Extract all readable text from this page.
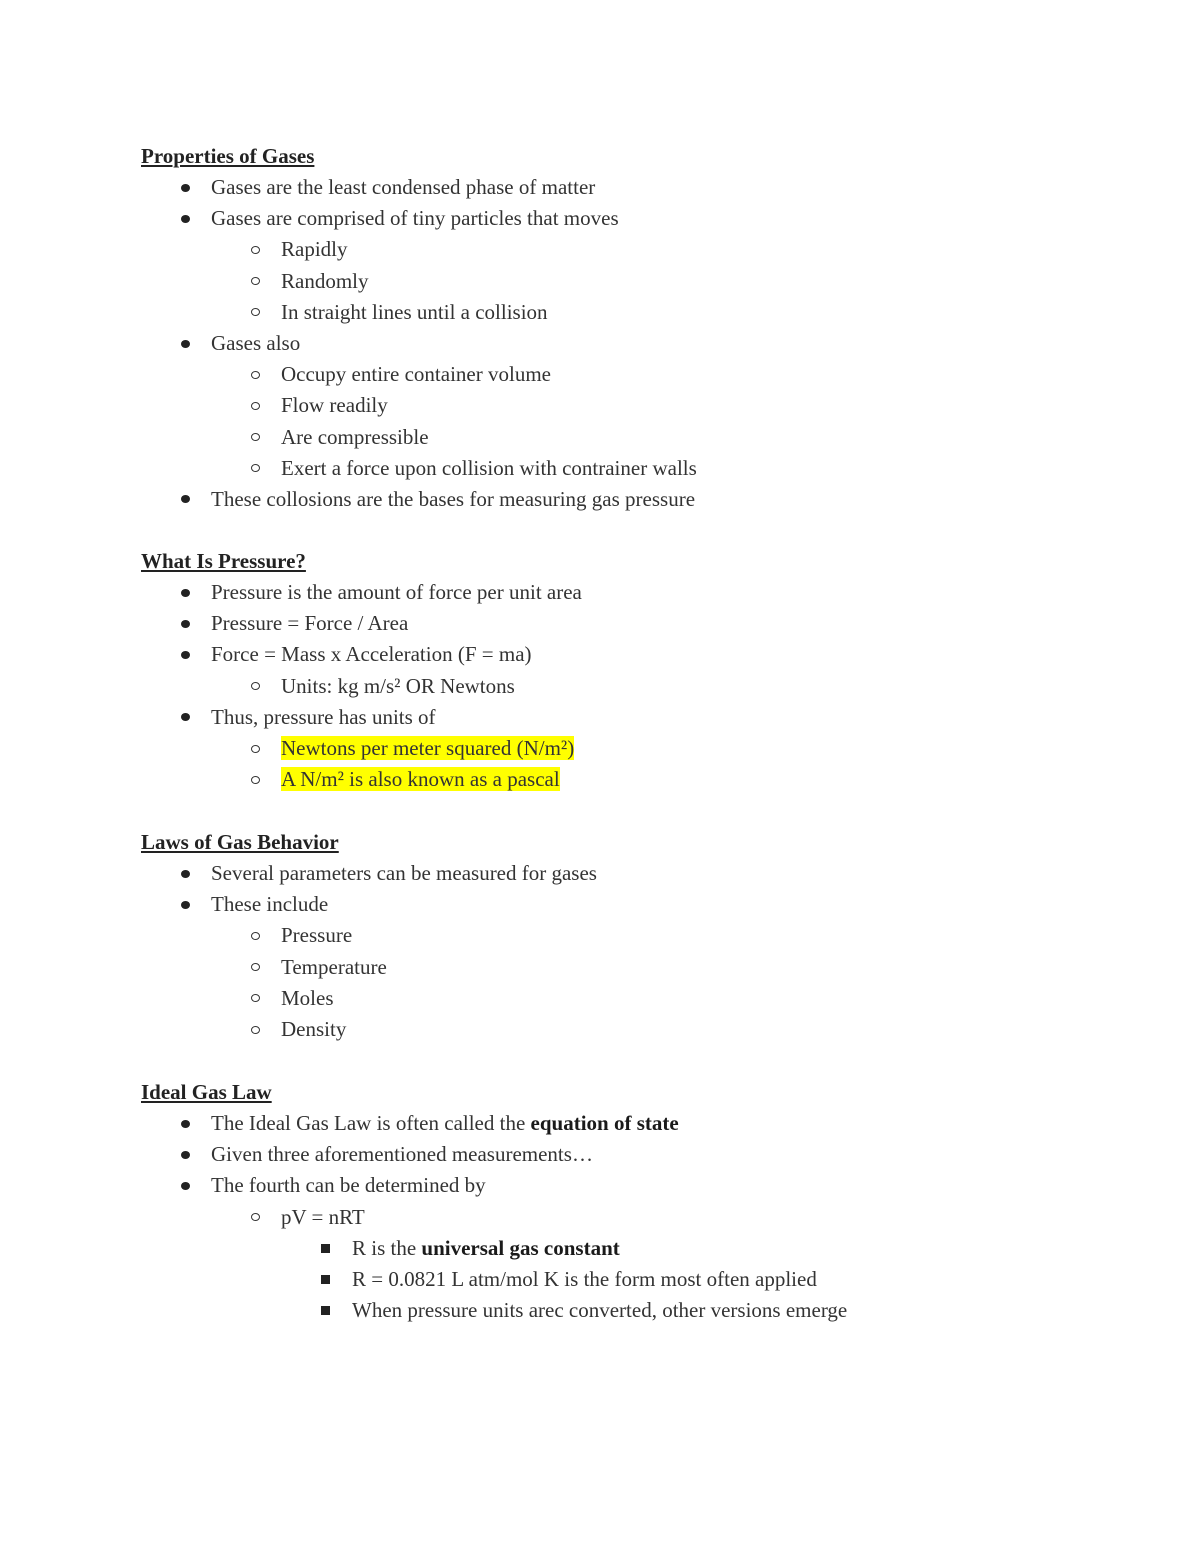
Properties of Gases
Gases are the least condensed phase of matter
Gases are comprised of tiny particles that moves
Rapidly
Randomly
In straight lines until a collision
Gases also
Occupy entire container volume
Flow readily
Are compressible
Exert a force upon collision with contrainer walls
These collosions are the bases for measuring gas pressure
What Is Pressure?
Pressure is the amount of force per unit area
Pressure = Force / Area
Force = Mass x Acceleration (F = ma)
Units: kg m/s² OR Newtons
Thus, pressure has units of
Newtons per meter squared (N/m²)
A N/m² is also known as a pascal
Laws of Gas Behavior
Several parameters can be measured for gases
These include
Pressure
Temperature
Moles
Density
Ideal Gas Law
The Ideal Gas Law is often called the equation of state
Given three aforementioned measurements…
The fourth can be determined by
pV = nRT
R is the universal gas constant
R = 0.0821 L atm/mol K is the form most often applied
When pressure units arec converted, other versions emerge
